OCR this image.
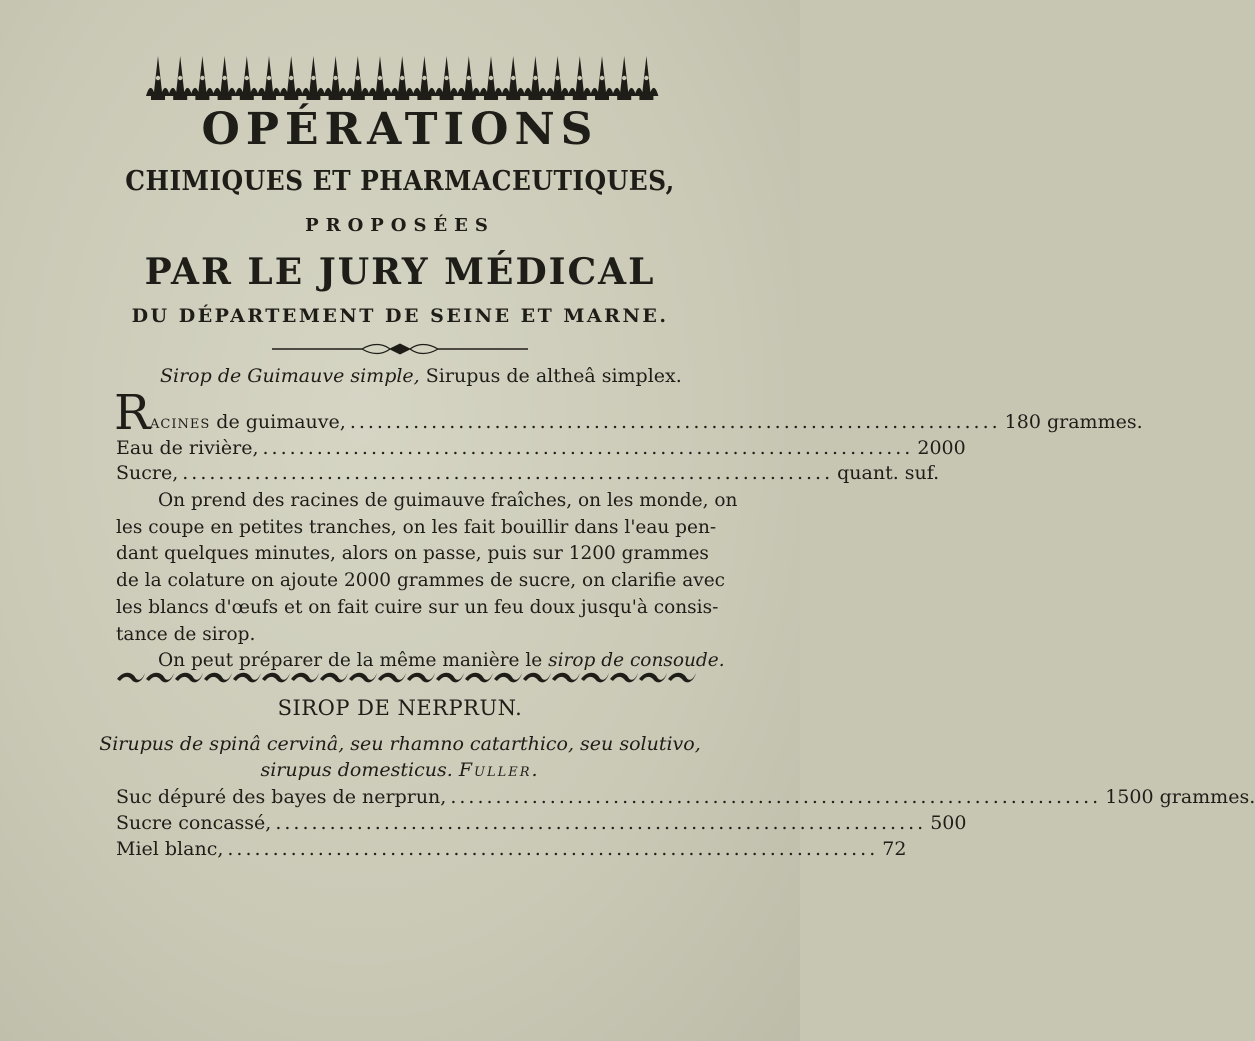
OPÉRATIONS
CHIMIQUES ET PHARMACEUTIQUES,
PROPOSÉES
PAR LE JURY MÉDICAL
DU DÉPARTEMENT DE SEINE ET MARNE.
Sirop de Guimauve simple, Sirupus de altheâ simplex.
R acines de guimauve, ........................................................................ 180 grammes.
Eau de rivière, ........................................................................ 2000
Sucre, ........................................................................ quant. suf.
On prend des racines de guimauve fraîches, on les monde, on
les coupe en petites tranches, on les fait bouillir dans l'eau pen-
dant quelques minutes, alors on passe, puis sur 1200 grammes
de la colature on ajoute 2000 grammes de sucre, on clarifie avec
les blancs d'œufs et on fait cuire sur un feu doux jusqu'à consis-
tance de sirop.
On peut préparer de la même manière le sirop de consoude.
SIROP DE NERPRUN.
Sirupus de spinâ cervinâ, seu rhamno catarthico, seu solutivo,
sirupus domesticus. Fuller.
Suc dépuré des bayes de nerprun, ........................................................................ 1500 grammes.
Sucre concassé, ........................................................................ 500
Miel blanc, ........................................................................ 72
